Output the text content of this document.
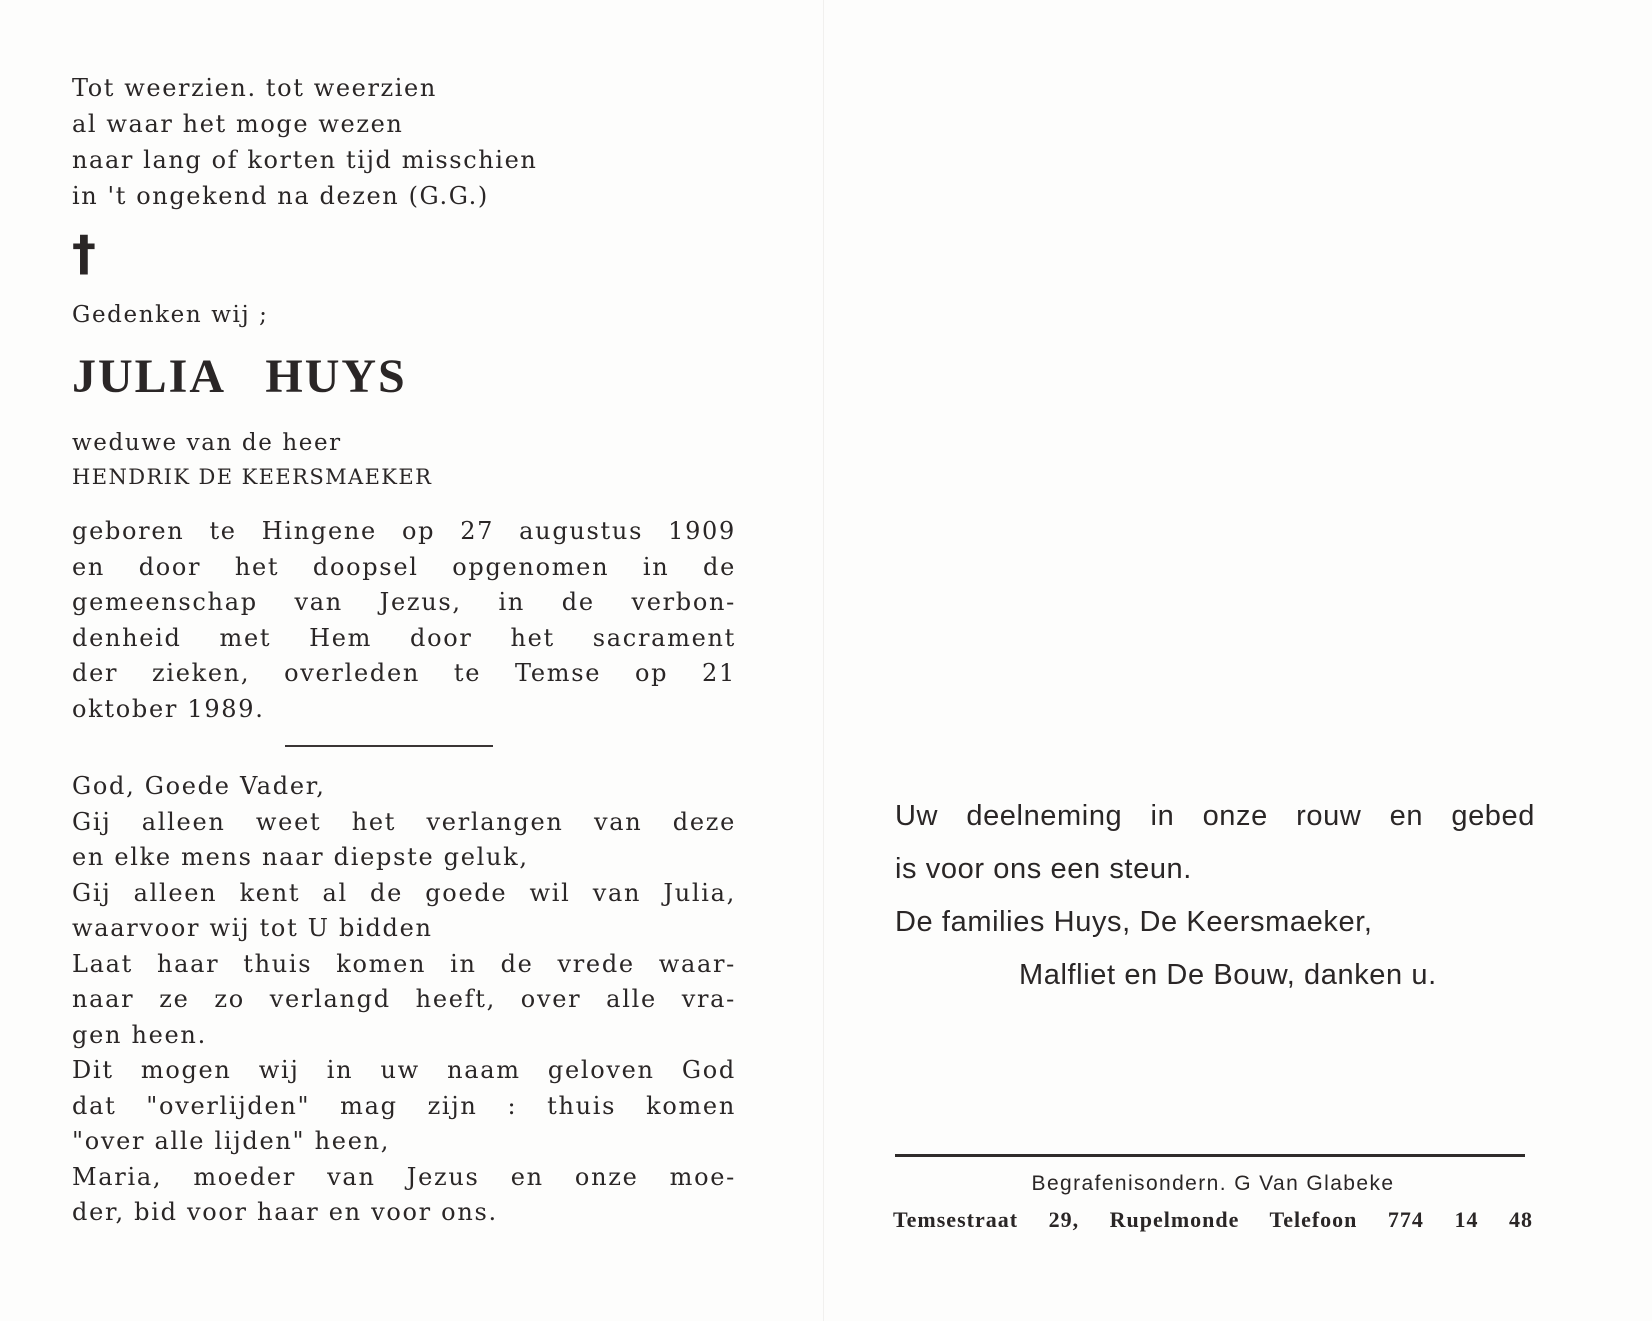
Tot weerzien. tot weerzien
al waar het moge wezen
naar lang of korten tijd misschien
in 't ongekend na dezen (G.G.)
†
Gedenken wij ;
JULIA HUYS
weduwe van de heer
HENDRIK DE KEERSMAEKER
geboren te Hingene op 27 augustus 1909
en door het doopsel opgenomen in de
gemeenschap van Jezus, in de verbon-
denheid met Hem door het sacrament
der zieken, overleden te Temse op 21
oktober 1989.
God, Goede Vader,
Gij alleen weet het verlangen van deze
en elke mens naar diepste geluk,
Gij alleen kent al de goede wil van Julia,
waarvoor wij tot U bidden
Laat haar thuis komen in de vrede waar-
naar ze zo verlangd heeft, over alle vra-
gen heen.
Dit mogen wij in uw naam geloven God
dat "overlijden" mag zijn : thuis komen
"over alle lijden" heen,
Maria, moeder van Jezus en onze moe-
der, bid voor haar en voor ons.
Uw deelneming in onze rouw en gebed
is voor ons een steun.
De families Huys, De Keersmaeker,
Malfliet en De Bouw, danken u.
Begrafenisondern. G Van Glabeke
Temsestraat 29, Rupelmonde Telefoon 774 14 48
